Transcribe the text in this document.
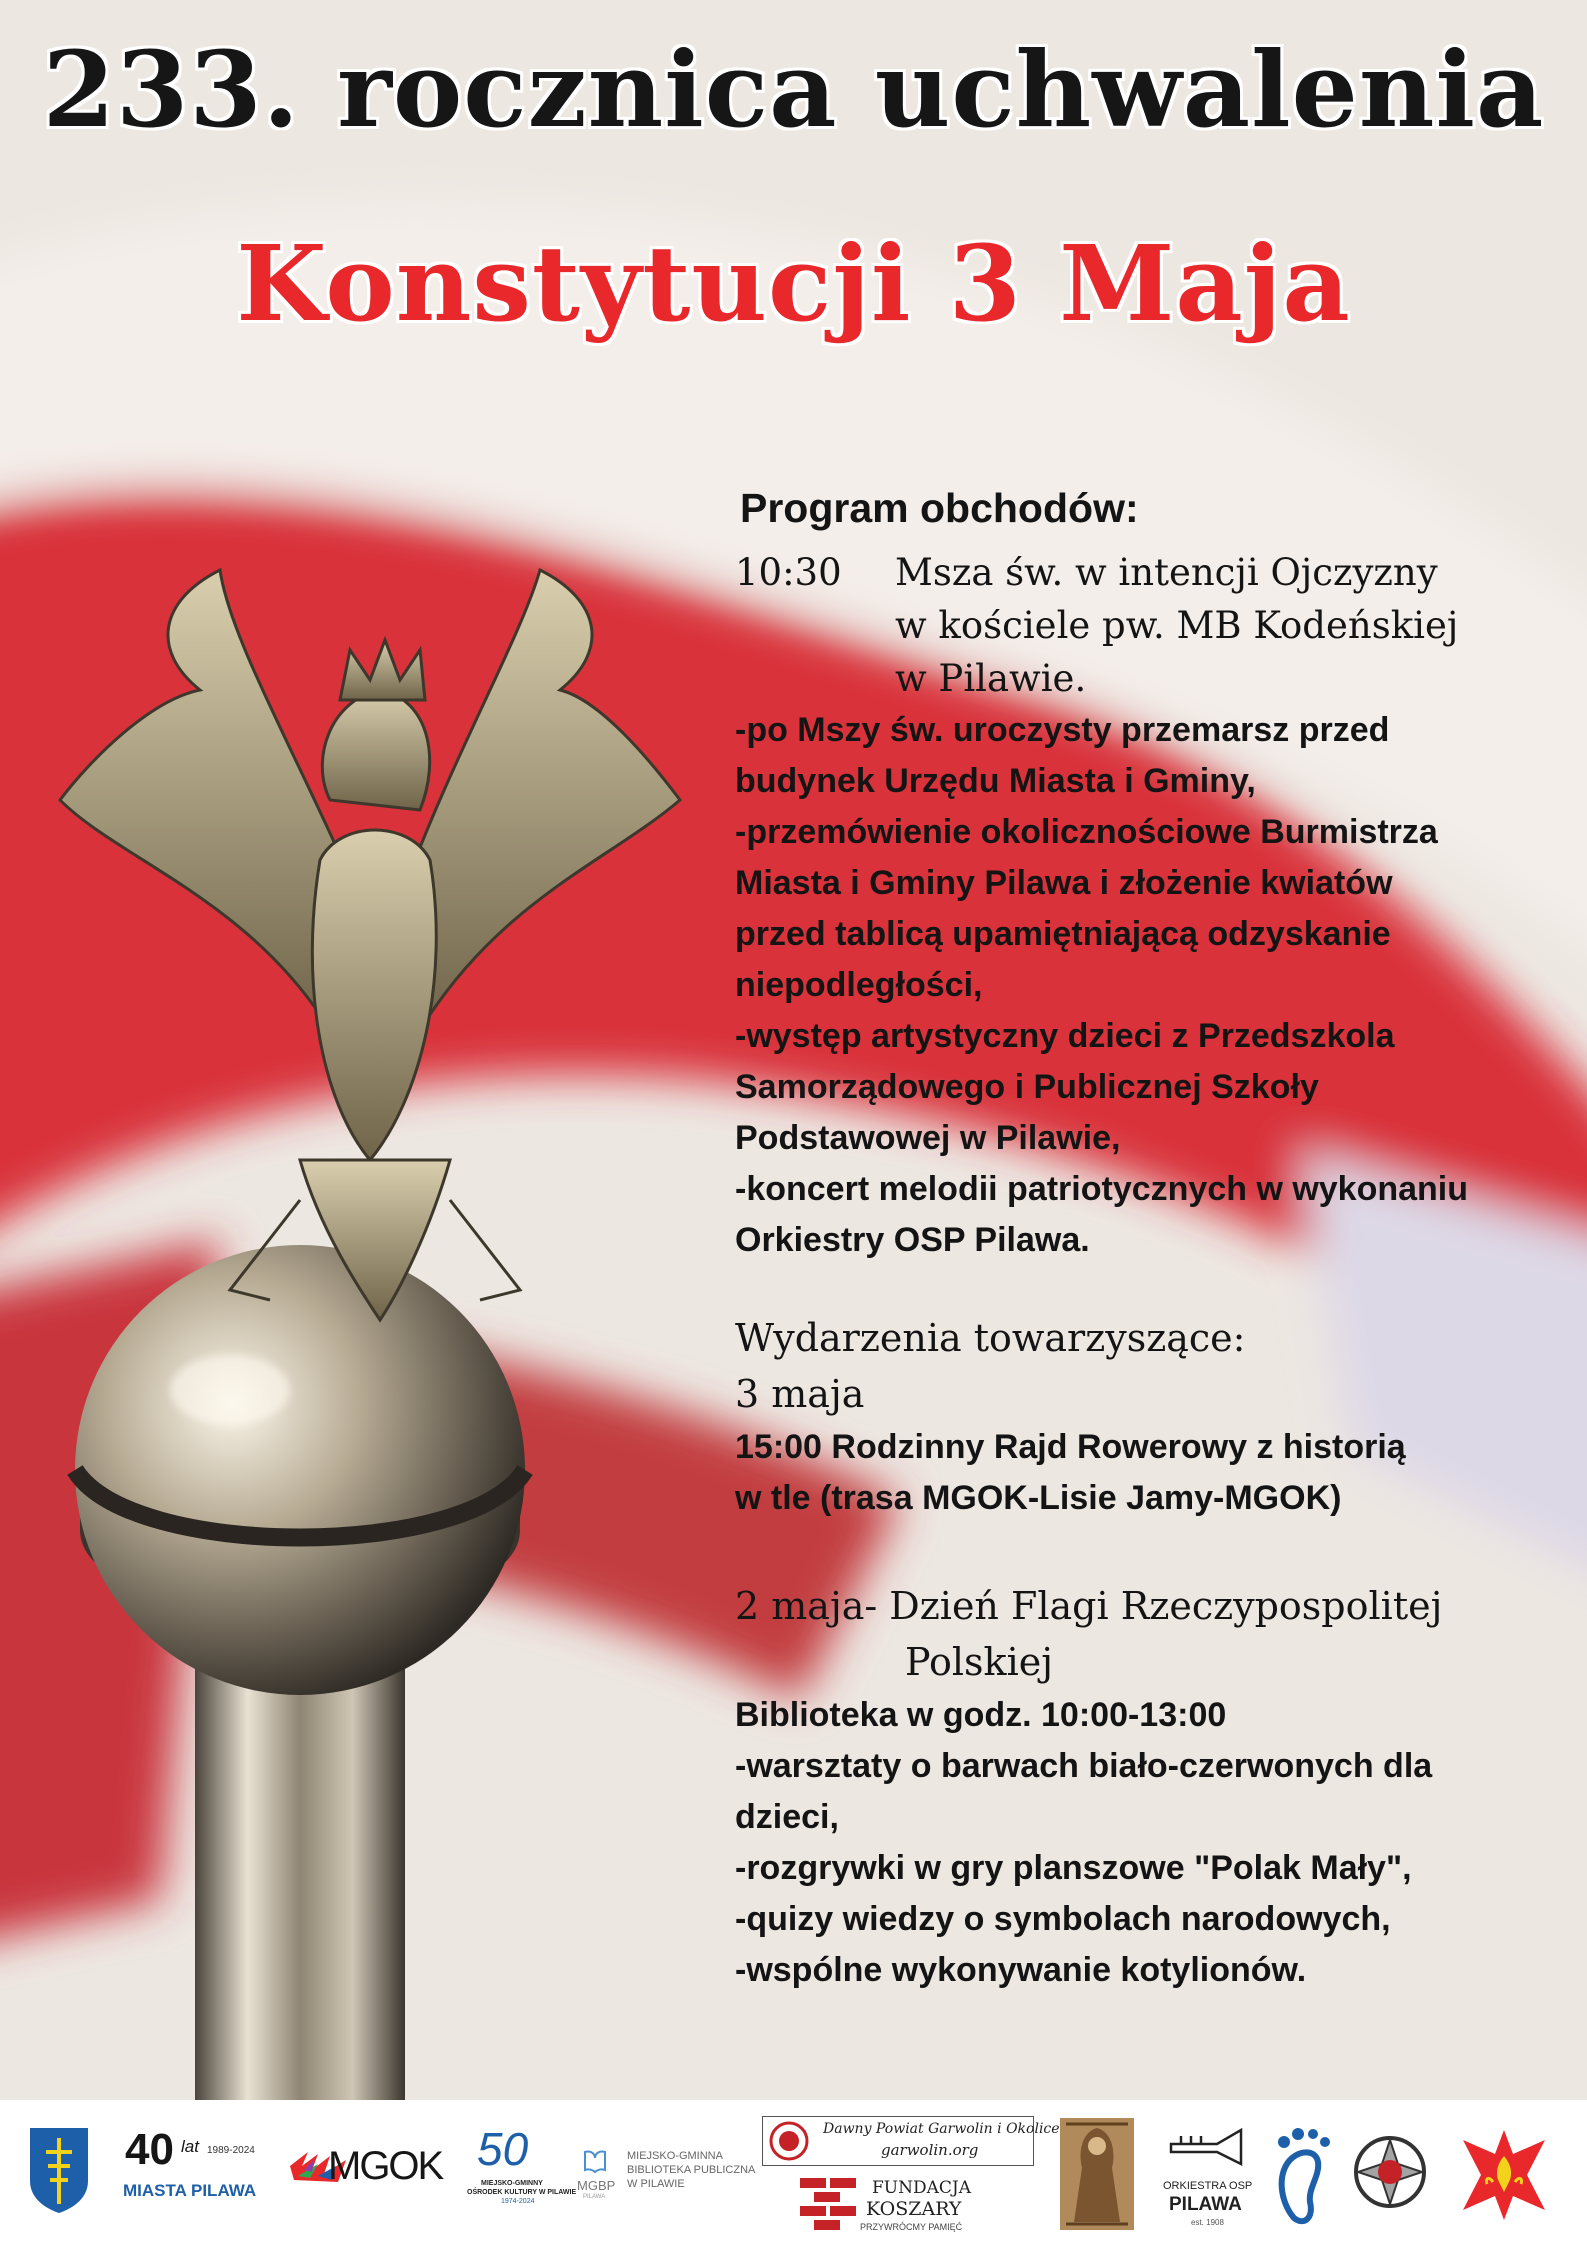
233. rocznica uchwalenia
Konstytucji 3 Maja
Program obchodów:
10:30	Msza św. w intencji Ojczyzny
w kościele pw. MB Kodeńskiej
w Pilawie.
-po Mszy św. uroczysty przemarsz przed
budynek Urzędu Miasta i Gminy,
-przemówienie okolicznościowe Burmistrza
Miasta i Gminy Pilawa i złożenie kwiatów
przed tablicą upamiętniającą odzyskanie
niepodległości,
-występ artystyczny dzieci z Przedszkola
Samorządowego i Publicznej Szkoły
Podstawowej w Pilawie,
-koncert melodii patriotycznych w wykonaniu
Orkiestry OSP Pilawa.
Wydarzenia towarzyszące:
3 maja
15:00 Rodzinny Rajd Rowerowy z historią
w tle (trasa MGOK-Lisie Jamy-MGOK)
2 maja- Dzień Flagi Rzeczypospolitej
Polskiej
Biblioteka w godz. 10:00-13:00
-warsztaty o barwach biało-czerwonych dla
dzieci,
-rozgrywki w gry planszowe "Polak Mały",
-quizy wiedzy o symbolach narodowych,
-wspólne wykonywanie kotylionów.
40 lat 1989-2024
MIASTA PILAWA
MGOK 50
MIEJSKO-GMINNY
OŚRODEK KULTURY W PILAWIE
1974-2024
MGBP
PILAWA
MIEJSKO-GMINNA
BIBLIOTEKA PUBLICZNA
W PILAWIE
Dawny Powiat Garwolin i Okolice
garwolin.org
FUNDACJA
KOSZARY
PRZYWRÓCMY PAMIĘĆ
ORKIESTRA OSP
PILAWA
est. 1908
